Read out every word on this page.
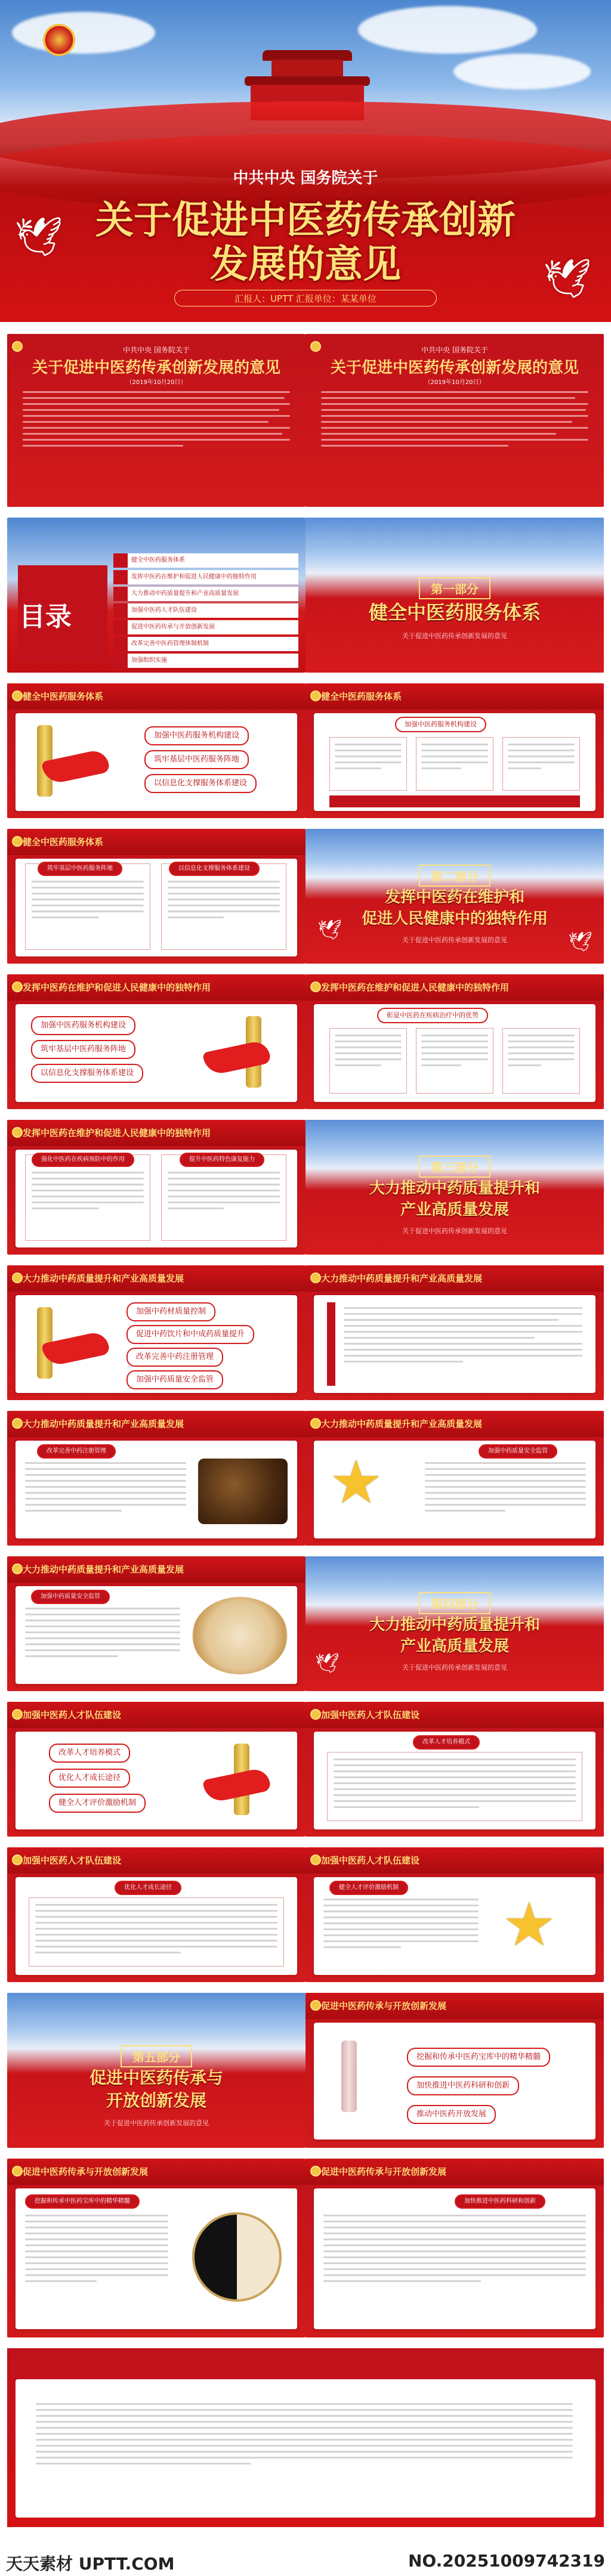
🕊
🕊
中共中央 国务院关于
关于促进中医药传承创新
发展的意见
汇报人：UPTT 汇报单位：某某单位
中共中央 国务院关于
关于促进中医药传承创新发展的意见
（2019年10月20日）
中共中央 国务院关于
关于促进中医药传承创新发展的意见
（2019年10月20日）
目录
健全中医药服务体系
发挥中医药在维护和促进人民健康中的独特作用
大力推动中药质量提升和产业高质量发展
加强中医药人才队伍建设
促进中医药传承与开放创新发展
改革完善中医药管理体制机制
加强组织实施
第一部分
健全中医药服务体系
关于促进中医药传承创新发展的意见
健全中医药服务体系
加强中医药服务机构建设
筑牢基层中医药服务阵地
以信息化支撑服务体系建设
健全中医药服务体系
加强中医药服务机构建设
健全中医药服务体系
筑牢基层中医药服务阵地	以信息化支撑服务体系建设
🕊
🕊
第二部分
发挥中医药在维护和
促进人民健康中的独特作用
关于促进中医药传承创新发展的意见
发挥中医药在维护和促进人民健康中的独特作用
加强中医药服务机构建设
筑牢基层中医药服务阵地
以信息化支撑服务体系建设
发挥中医药在维护和促进人民健康中的独特作用
彰显中医药在疾病治疗中的优势
发挥中医药在维护和促进人民健康中的独特作用
强化中医药在疾病预防中的作用	提升中医药特色康复能力
第三部分
大力推动中药质量提升和
产业高质量发展
关于促进中医药传承创新发展的意见
大力推动中药质量提升和产业高质量发展
加强中药材质量控制
促进中药饮片和中成药质量提升
改革完善中药注册管理
加强中药质量安全监管
大力推动中药质量提升和产业高质量发展
大力推动中药质量提升和产业高质量发展
改革完善中药注册管理
大力推动中药质量提升和产业高质量发展
★	加强中药质量安全监管
大力推动中药质量提升和产业高质量发展
加强中药质量安全监管
🕊
第四部分
大力推动中药质量提升和
产业高质量发展
关于促进中医药传承创新发展的意见
加强中医药人才队伍建设
改革人才培养模式
优化人才成长途径
健全人才评价激励机制
加强中医药人才队伍建设
改革人才培养模式
加强中医药人才队伍建设
优化人才成长途径
加强中医药人才队伍建设
健全人才评价激励机制
★
第五部分
促进中医药传承与
开放创新发展
关于促进中医药传承创新发展的意见
促进中医药传承与开放创新发展
挖掘和传承中医药宝库中的精华精髓
加快推进中医药科研和创新
推动中医药开放发展
促进中医药传承与开放创新发展
挖掘和传承中医药宝库中的精华精髓
促进中医药传承与开放创新发展
加快推进中医药科研和创新
天天素材 UPTT.COM	NO.20251009742319
